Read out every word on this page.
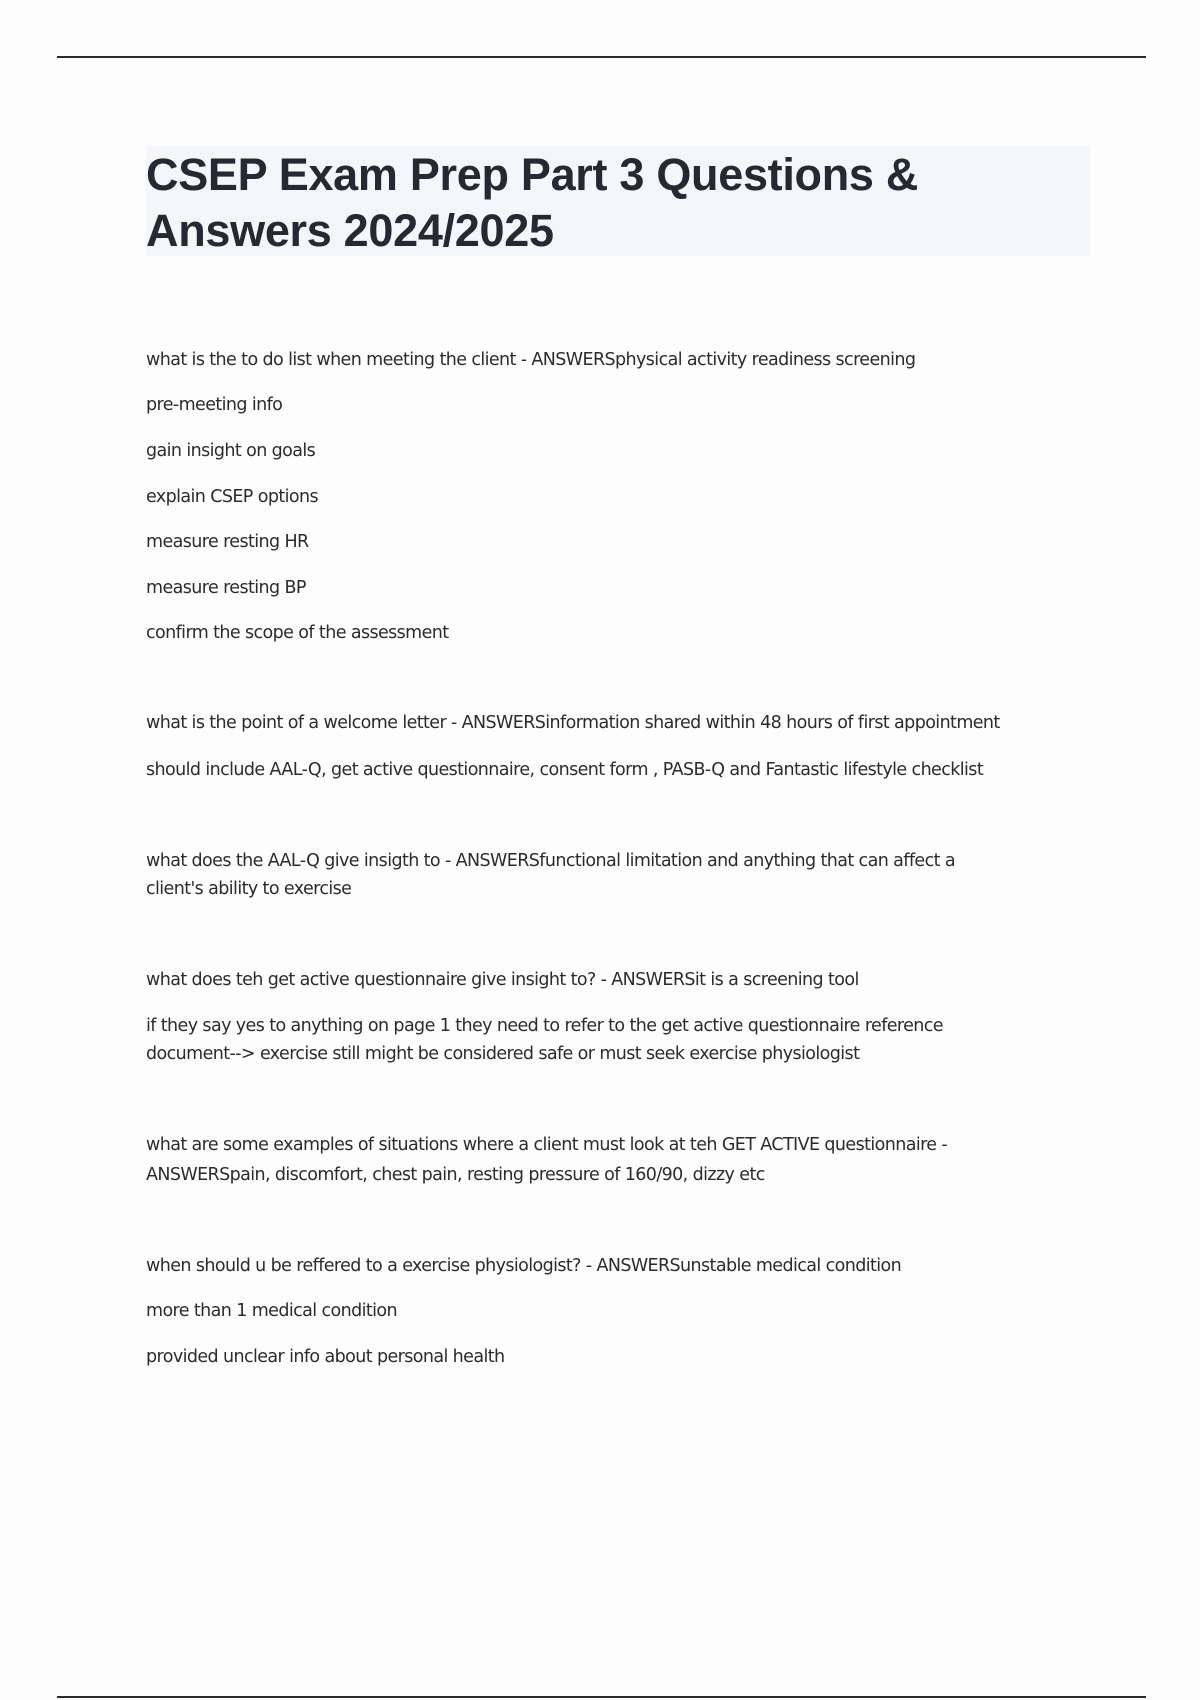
CSEP Exam Prep Part 3 Questions &
Answers 2024/2025

what is the to do list when meeting the client - ANSWERSphysical activity readiness screening

pre-meeting info

gain insight on goals

explain CSEP options

measure resting HR

measure resting BP

confirm the scope of the assessment

what is the point of a welcome letter - ANSWERSinformation shared within 48 hours of first appointment

should include AAL-Q, get active questionnaire, consent form , PASB-Q and Fantastic lifestyle checklist

what does the AAL-Q give insigth to - ANSWERSfunctional limitation and anything that can affect a

client's ability to exercise

what does teh get active questionnaire give insight to? - ANSWERSit is a screening tool

if they say yes to anything on page 1 they need to refer to the get active questionnaire reference

document--> exercise still might be considered safe or must seek exercise physiologist

what are some examples of situations where a client must look at teh GET ACTIVE questionnaire -

ANSWERSpain, discomfort, chest pain, resting pressure of 160/90, dizzy etc

when should u be reffered to a exercise physiologist? - ANSWERSunstable medical condition

more than 1 medical condition

provided unclear info about personal health
